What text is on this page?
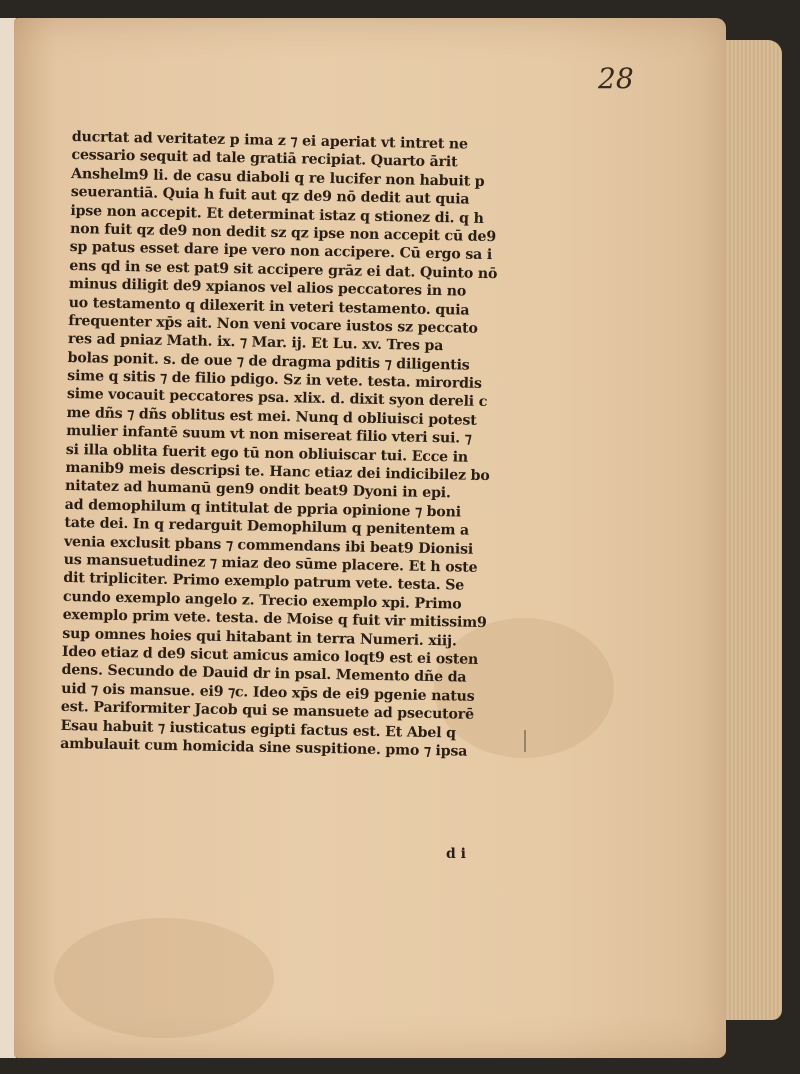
28
ducrtat ad veritatez p ima z ⁊ ei aperiat vt intret ne
cessario sequit ad tale gratiā recipiat. Quarto ārit
Anshelm9 li. de casu diaboli q re lucifer non habuit p
seuerantiā. Quia h fuit aut qz de9 nō dedit aut quia
ipse non accepit. Et determinat istaz q stionez di. q h
non fuit qz de9 non dedit sz qz ipse non accepit cū de9
sp patus esset dare ipe vero non accipere. Cū ergo sa i
ens qd in se est pat9 sit accipere grāz ei dat. Quinto nō
minus diligit de9 xpianos vel alios peccatores in no
uo testamento q dilexerit in veteri testamento. quia
frequenter xp̄s ait. Non veni vocare iustos sz peccato
res ad pniaz Math. ix. ⁊ Mar. ij. Et Lu. xv. Tres pa
bolas ponit. s. de oue ⁊ de dragma pditis ⁊ diligentis
sime q sitis ⁊ de filio pdigo. Sz in vete. testa. mirordis
sime vocauit peccatores psa. xlix. d. dixit syon dereli c
me dñs ⁊ dñs oblitus est mei. Nunq d obliuisci potest
mulier infantē suum vt non misereat filio vteri sui. ⁊
si illa oblita fuerit ego tū non obliuiscar tui. Ecce in
manib9 meis descripsi te. Hanc etiaz dei indicibilez bo
nitatez ad humanū gen9 ondit beat9 Dyoni in epi.
ad demophilum q intitulat de ppria opinione ⁊ boni
tate dei. In q redarguit Demophilum q penitentem a
venia exclusit pbans ⁊ commendans ibi beat9 Dionisi
us mansuetudinez ⁊ miaz deo sūme placere. Et h oste
dit tripliciter. Primo exemplo patrum vete. testa. Se
cundo exemplo angelo z. Trecio exemplo xpi. Primo
exemplo prim vete. testa. de Moise q fuit vir mitissim9
sup omnes hoies qui hitabant in terra Numeri. xiij.
Ideo etiaz d de9 sicut amicus amico loqt9 est ei osten
dens. Secundo de Dauid dr in psal. Memento dñe da
uid ⁊ ois mansue. ei9 ⁊c. Ideo xp̄s de ei9 pgenie natus
est. Pariformiter Jacob qui se mansuete ad psecutorē
Esau habuit ⁊ iusticatus egipti factus est. Et Abel q
ambulauit cum homicida sine suspitione. pmo ⁊ ipsa
d i
